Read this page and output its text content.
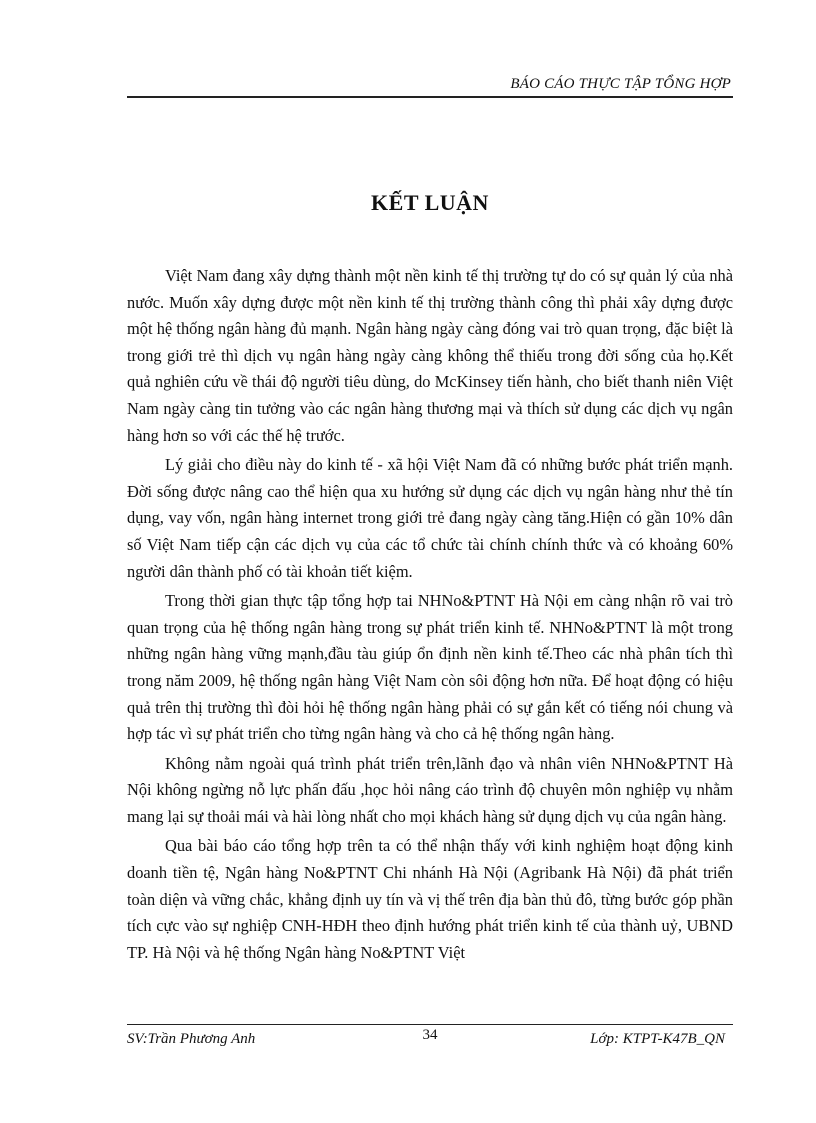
BÁO CÁO THỰC TẬP TỔNG HỢP
KẾT LUẬN

Việt Nam đang xây dựng thành một nền kinh tế thị trường tự do có sự quản lý của nhà nước. Muốn xây dựng được một nền kinh tế thị trường thành công thì phải xây dựng được một hệ thống ngân hàng đủ mạnh. Ngân hàng ngày càng đóng vai trò quan trọng, đặc biệt là trong giới trẻ thì dịch vụ ngân hàng ngày càng không thể thiếu trong đời sống của họ.Kết quả nghiên cứu về thái độ người tiêu dùng, do McKinsey tiến hành, cho biết thanh niên Việt Nam ngày càng tin tưởng vào các ngân hàng thương mại và thích sử dụng các dịch vụ ngân hàng hơn so với các thế hệ trước.

Lý giải cho điều này do kinh tế - xã hội Việt Nam đã có những bước phát triển mạnh. Đời sống được nâng cao thể hiện qua xu hướng sử dụng các dịch vụ ngân hàng như thẻ tín dụng, vay vốn, ngân hàng internet trong giới trẻ đang ngày càng tăng.Hiện có gần 10% dân số Việt Nam tiếp cận các dịch vụ của các tổ chức tài chính chính thức và có khoảng 60% người dân thành phố có tài khoản tiết kiệm.

Trong thời gian thực tập tổng hợp tai NHNo&PTNT Hà Nội em càng nhận rõ vai trò quan trọng của hệ thống ngân hàng trong sự phát triển kinh tế. NHNo&PTNT là một trong những ngân hàng vững mạnh,đầu tàu giúp ổn định nền kinh tế.Theo các nhà phân tích thì trong năm 2009, hệ thống ngân hàng Việt Nam còn sôi động hơn nữa. Để hoạt động có hiệu quả trên thị trường thì đòi hỏi hệ thống ngân hàng phải có sự gắn kết có tiếng nói chung và hợp tác vì sự phát triển cho từng ngân hàng và cho cả hệ thống ngân hàng.

Không nằm ngoài quá trình phát triển trên,lãnh đạo và nhân viên NHNo&PTNT Hà Nội không ngừng nỗ lực phấn đấu ,học hỏi nâng cáo trình độ chuyên môn nghiệp vụ nhằm mang lại sự thoải mái và hài lòng nhất cho mọi khách hàng sử dụng dịch vụ của ngân hàng.

Qua bài báo cáo tổng hợp trên ta có thể nhận thấy với kinh nghiệm hoạt động kinh doanh tiền tệ, Ngân hàng No&PTNT Chi nhánh Hà Nội (Agribank Hà Nội) đã phát triển toàn diện và vững chắc, khẳng định uy tín và vị thế trên địa bàn thủ đô, từng bước góp phần tích cực vào sự nghiệp CNH-HĐH theo định hướng phát triển kinh tế của thành uỷ, UBND TP. Hà Nội và hệ thống Ngân hàng No&PTNT Việt

SV:Trần Phương Anh	34	Lớp: KTPT-K47B_QN
